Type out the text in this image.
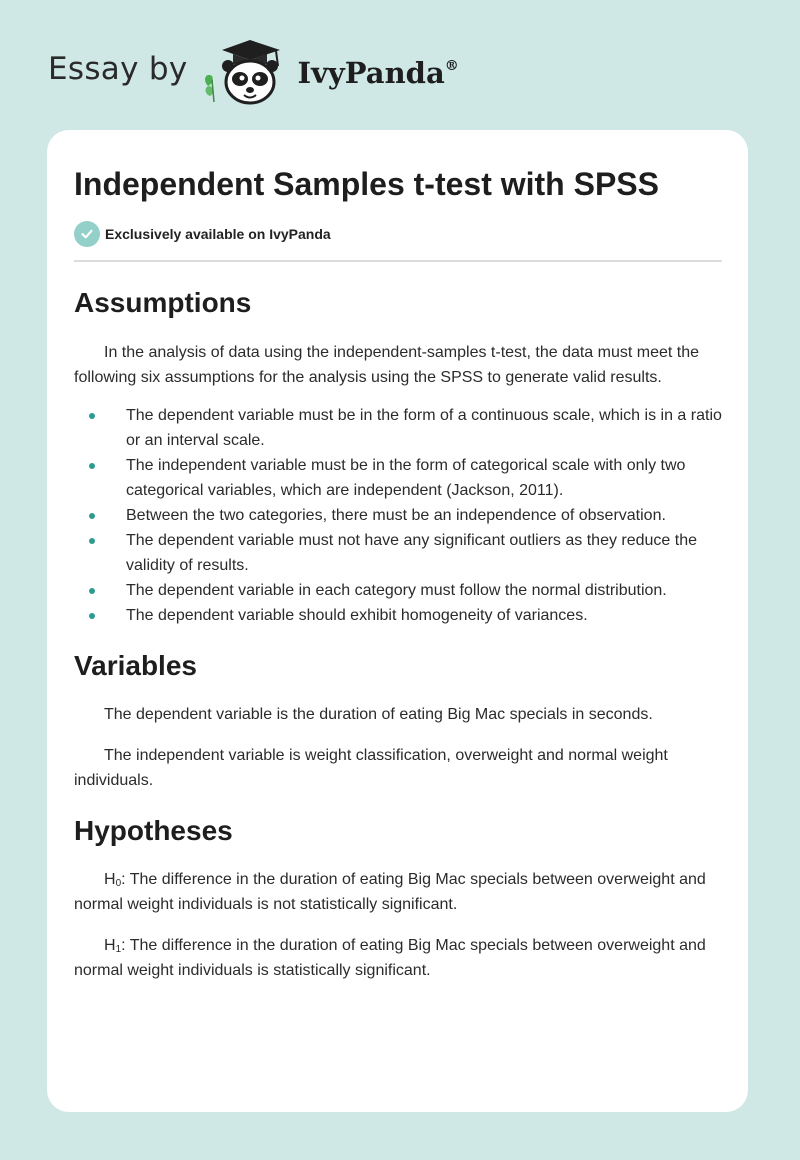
Essay by	IvyPanda®
Independent Samples t-test with SPSS
Exclusively available on IvyPanda
Assumptions

In the analysis of data using the independent-samples t-test, the data must meet the following six assumptions for the analysis using the SPSS to generate valid results.

The dependent variable must be in the form of a continuous scale, which is in a ratio or an interval scale.
The independent variable must be in the form of categorical scale with only two categorical variables, which are independent (Jackson, 2011).
Between the two categories, there must be an independence of observation.
The dependent variable must not have any significant outliers as they reduce the validity of results.
The dependent variable in each category must follow the normal distribution.
The dependent variable should exhibit homogeneity of variances.
Variables

The dependent variable is the duration of eating Big Mac specials in seconds.

The independent variable is weight classification, overweight and normal weight individuals.

Hypotheses

$H_0$: The difference in the duration of eating Big Mac specials between overweight and normal weight individuals is not statistically significant.

$H_1$: The difference in the duration of eating Big Mac specials between overweight and normal weight individuals is statistically significant.
